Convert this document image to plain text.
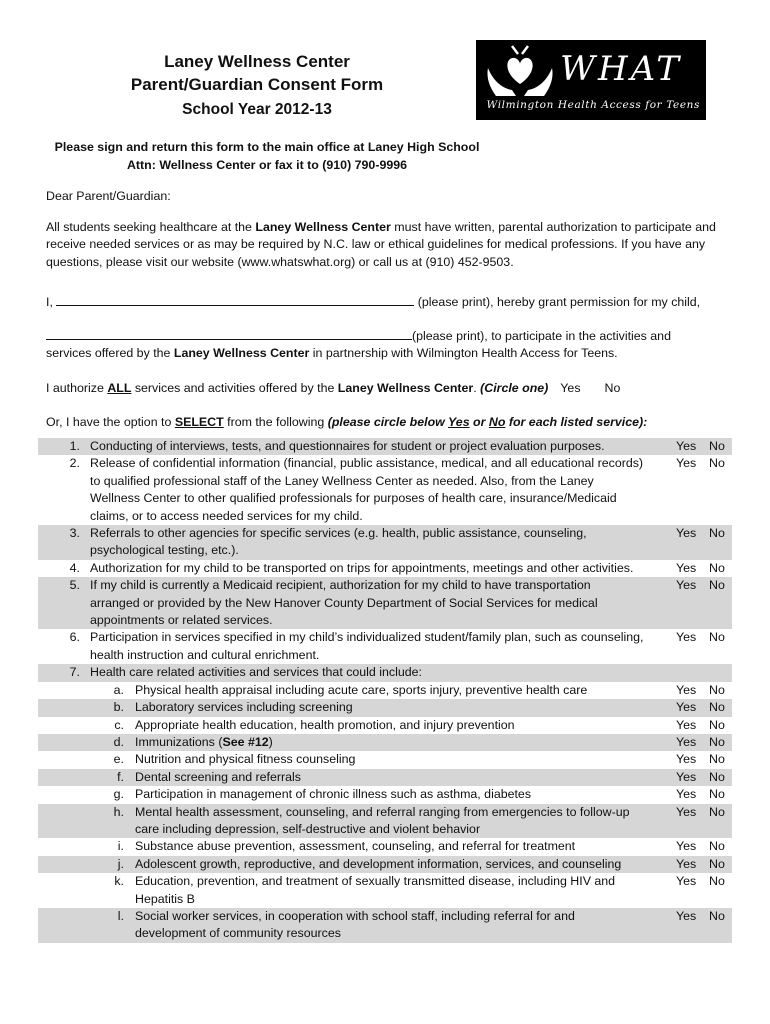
Laney Wellness Center
Parent/Guardian Consent Form
School Year 2012-13
WHAT
Wilmington Health Access for Teens
Please sign and return this form to the main office at Laney High School
Attn: Wellness Center or fax it to (910) 790-9996
Dear Parent/Guardian:
All students seeking healthcare at the Laney Wellness Center must have written, parental authorization to participate and receive needed services or as may be required by N.C. law or ethical guidelines for medical professions. If you have any questions, please visit our website (www.whatswhat.org) or call us at (910) 452-9503.
I,	(please print), hereby grant permission for my child,
(please print), to participate in the activities and
services offered by the Laney Wellness Center in partnership with Wilmington Health Access for Teens.
I authorize ALL services and activities offered by the Laney Wellness Center. (Circle one) Yes No
Or, I have the option to SELECT from the following (please circle below Yes or No for each listed service):
1. Conducting of interviews, tests, and questionnaires for student or project evaluation purposes.	Yes No
2. Release of confidential information (financial, public assistance, medical, and all educational records)
to qualified professional staff of the Laney Wellness Center as needed. Also, from the Laney
Wellness Center to other qualified professionals for purposes of health care, insurance/Medicaid
claims, or to access needed services for my child.
Yes No
3. Referrals to other agencies for specific services (e.g. health, public assistance, counseling,
psychological testing, etc.).
Yes No
4. Authorization for my child to be transported on trips for appointments, meetings and other activities.	Yes No
5. If my child is currently a Medicaid recipient, authorization for my child to have transportation
arranged or provided by the New Hanover County Department of Social Services for medical
appointments or related services.
Yes No
6. Participation in services specified in my child’s individualized student/family plan, such as counseling,
health instruction and cultural enrichment.
Yes No
7. Health care related activities and services that could include:
a. Physical health appraisal including acute care, sports injury, preventive health care	Yes No
b. Laboratory services including screening	Yes No
c. Appropriate health education, health promotion, and injury prevention	Yes No
d. Immunizations (See #12)	Yes No
e. Nutrition and physical fitness counseling	Yes No
f. Dental screening and referrals	Yes No
g. Participation in management of chronic illness such as asthma, diabetes	Yes No
h. Mental health assessment, counseling, and referral ranging from emergencies to follow-up
care including depression, self-destructive and violent behavior
Yes No
i. Substance abuse prevention, assessment, counseling, and referral for treatment	Yes No
j. Adolescent growth, reproductive, and development information, services, and counseling	Yes No
k. Education, prevention, and treatment of sexually transmitted disease, including HIV and
Hepatitis B
Yes No
l. Social worker services, in cooperation with school staff, including referral for and
development of community resources
Yes No
